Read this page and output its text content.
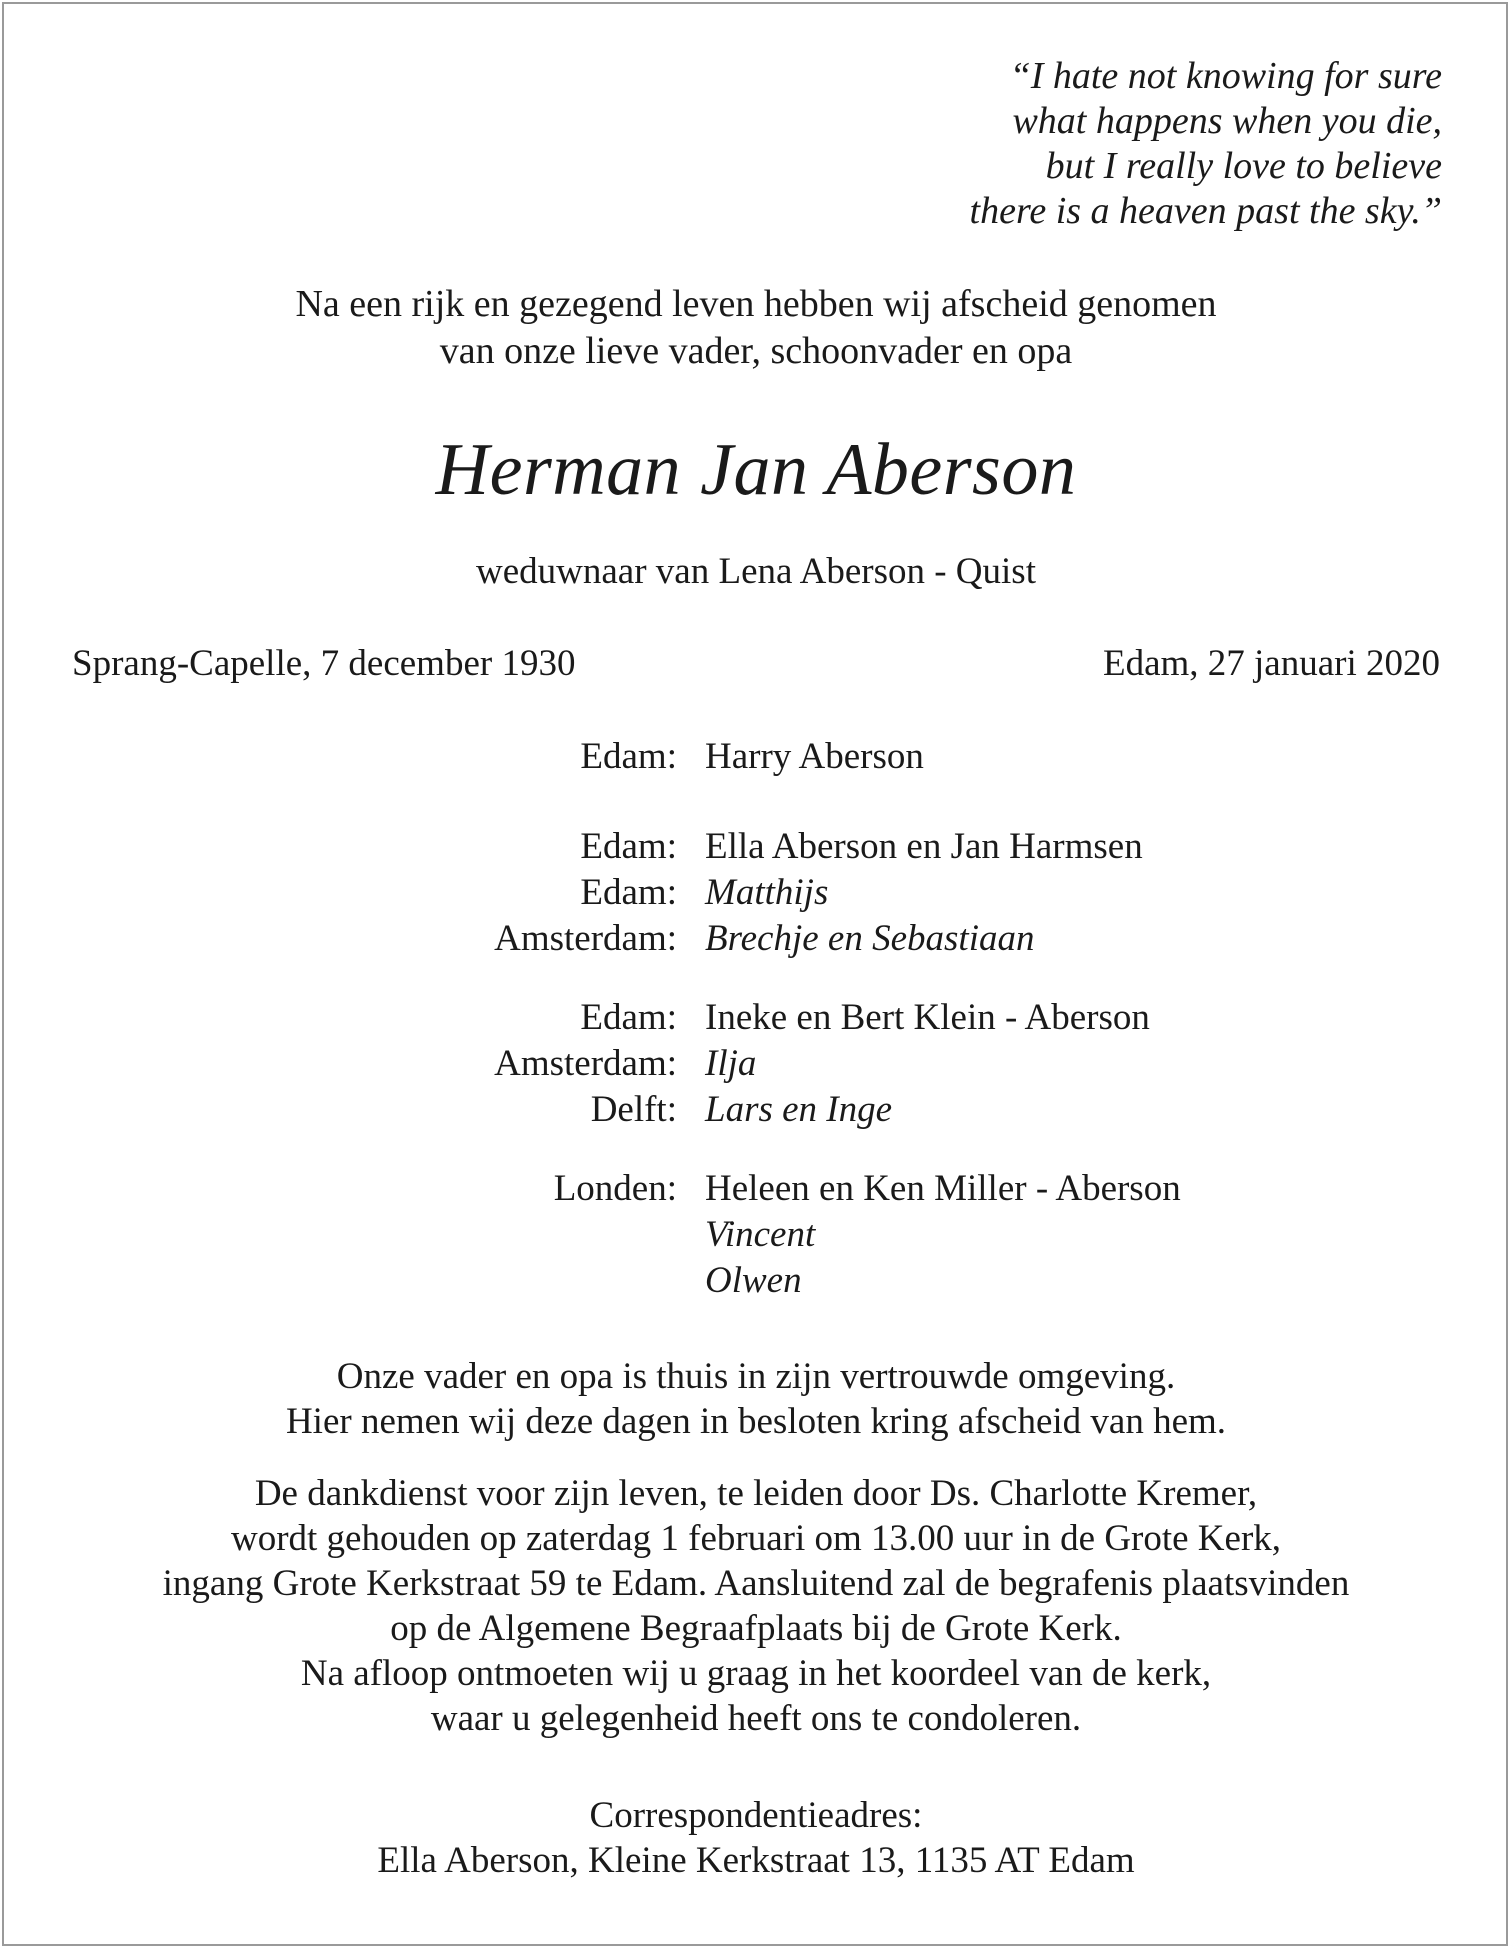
“I hate not knowing for sure
what happens when you die,
but I really love to believe
there is a heaven past the sky.”
Na een rijk en gezegend leven hebben wij afscheid genomen
van onze lieve vader, schoonvader en opa
Herman Jan Aberson
weduwnaar van Lena Aberson - Quist
Sprang-Capelle, 7 december 1930	Edam, 27 januari 2020
Edam: Harry Aberson
Edam: Ella Aberson en Jan Harmsen
Edam: Matthijs
Amsterdam: Brechje en Sebastiaan
Edam: Ineke en Bert Klein - Aberson
Amsterdam: Ilja
Delft: Lars en Inge
Londen: Heleen en Ken Miller - Aberson
Vincent
Olwen
Onze vader en opa is thuis in zijn vertrouwde omgeving.
Hier nemen wij deze dagen in besloten kring afscheid van hem.
De dankdienst voor zijn leven, te leiden door Ds. Charlotte Kremer,
wordt gehouden op zaterdag 1 februari om 13.00 uur in de Grote Kerk,
ingang Grote Kerkstraat 59 te Edam. Aansluitend zal de begrafenis plaatsvinden
op de Algemene Begraafplaats bij de Grote Kerk.
Na afloop ontmoeten wij u graag in het koordeel van de kerk,
waar u gelegenheid heeft ons te condoleren.
Correspondentieadres:
Ella Aberson, Kleine Kerkstraat 13, 1135 AT Edam
